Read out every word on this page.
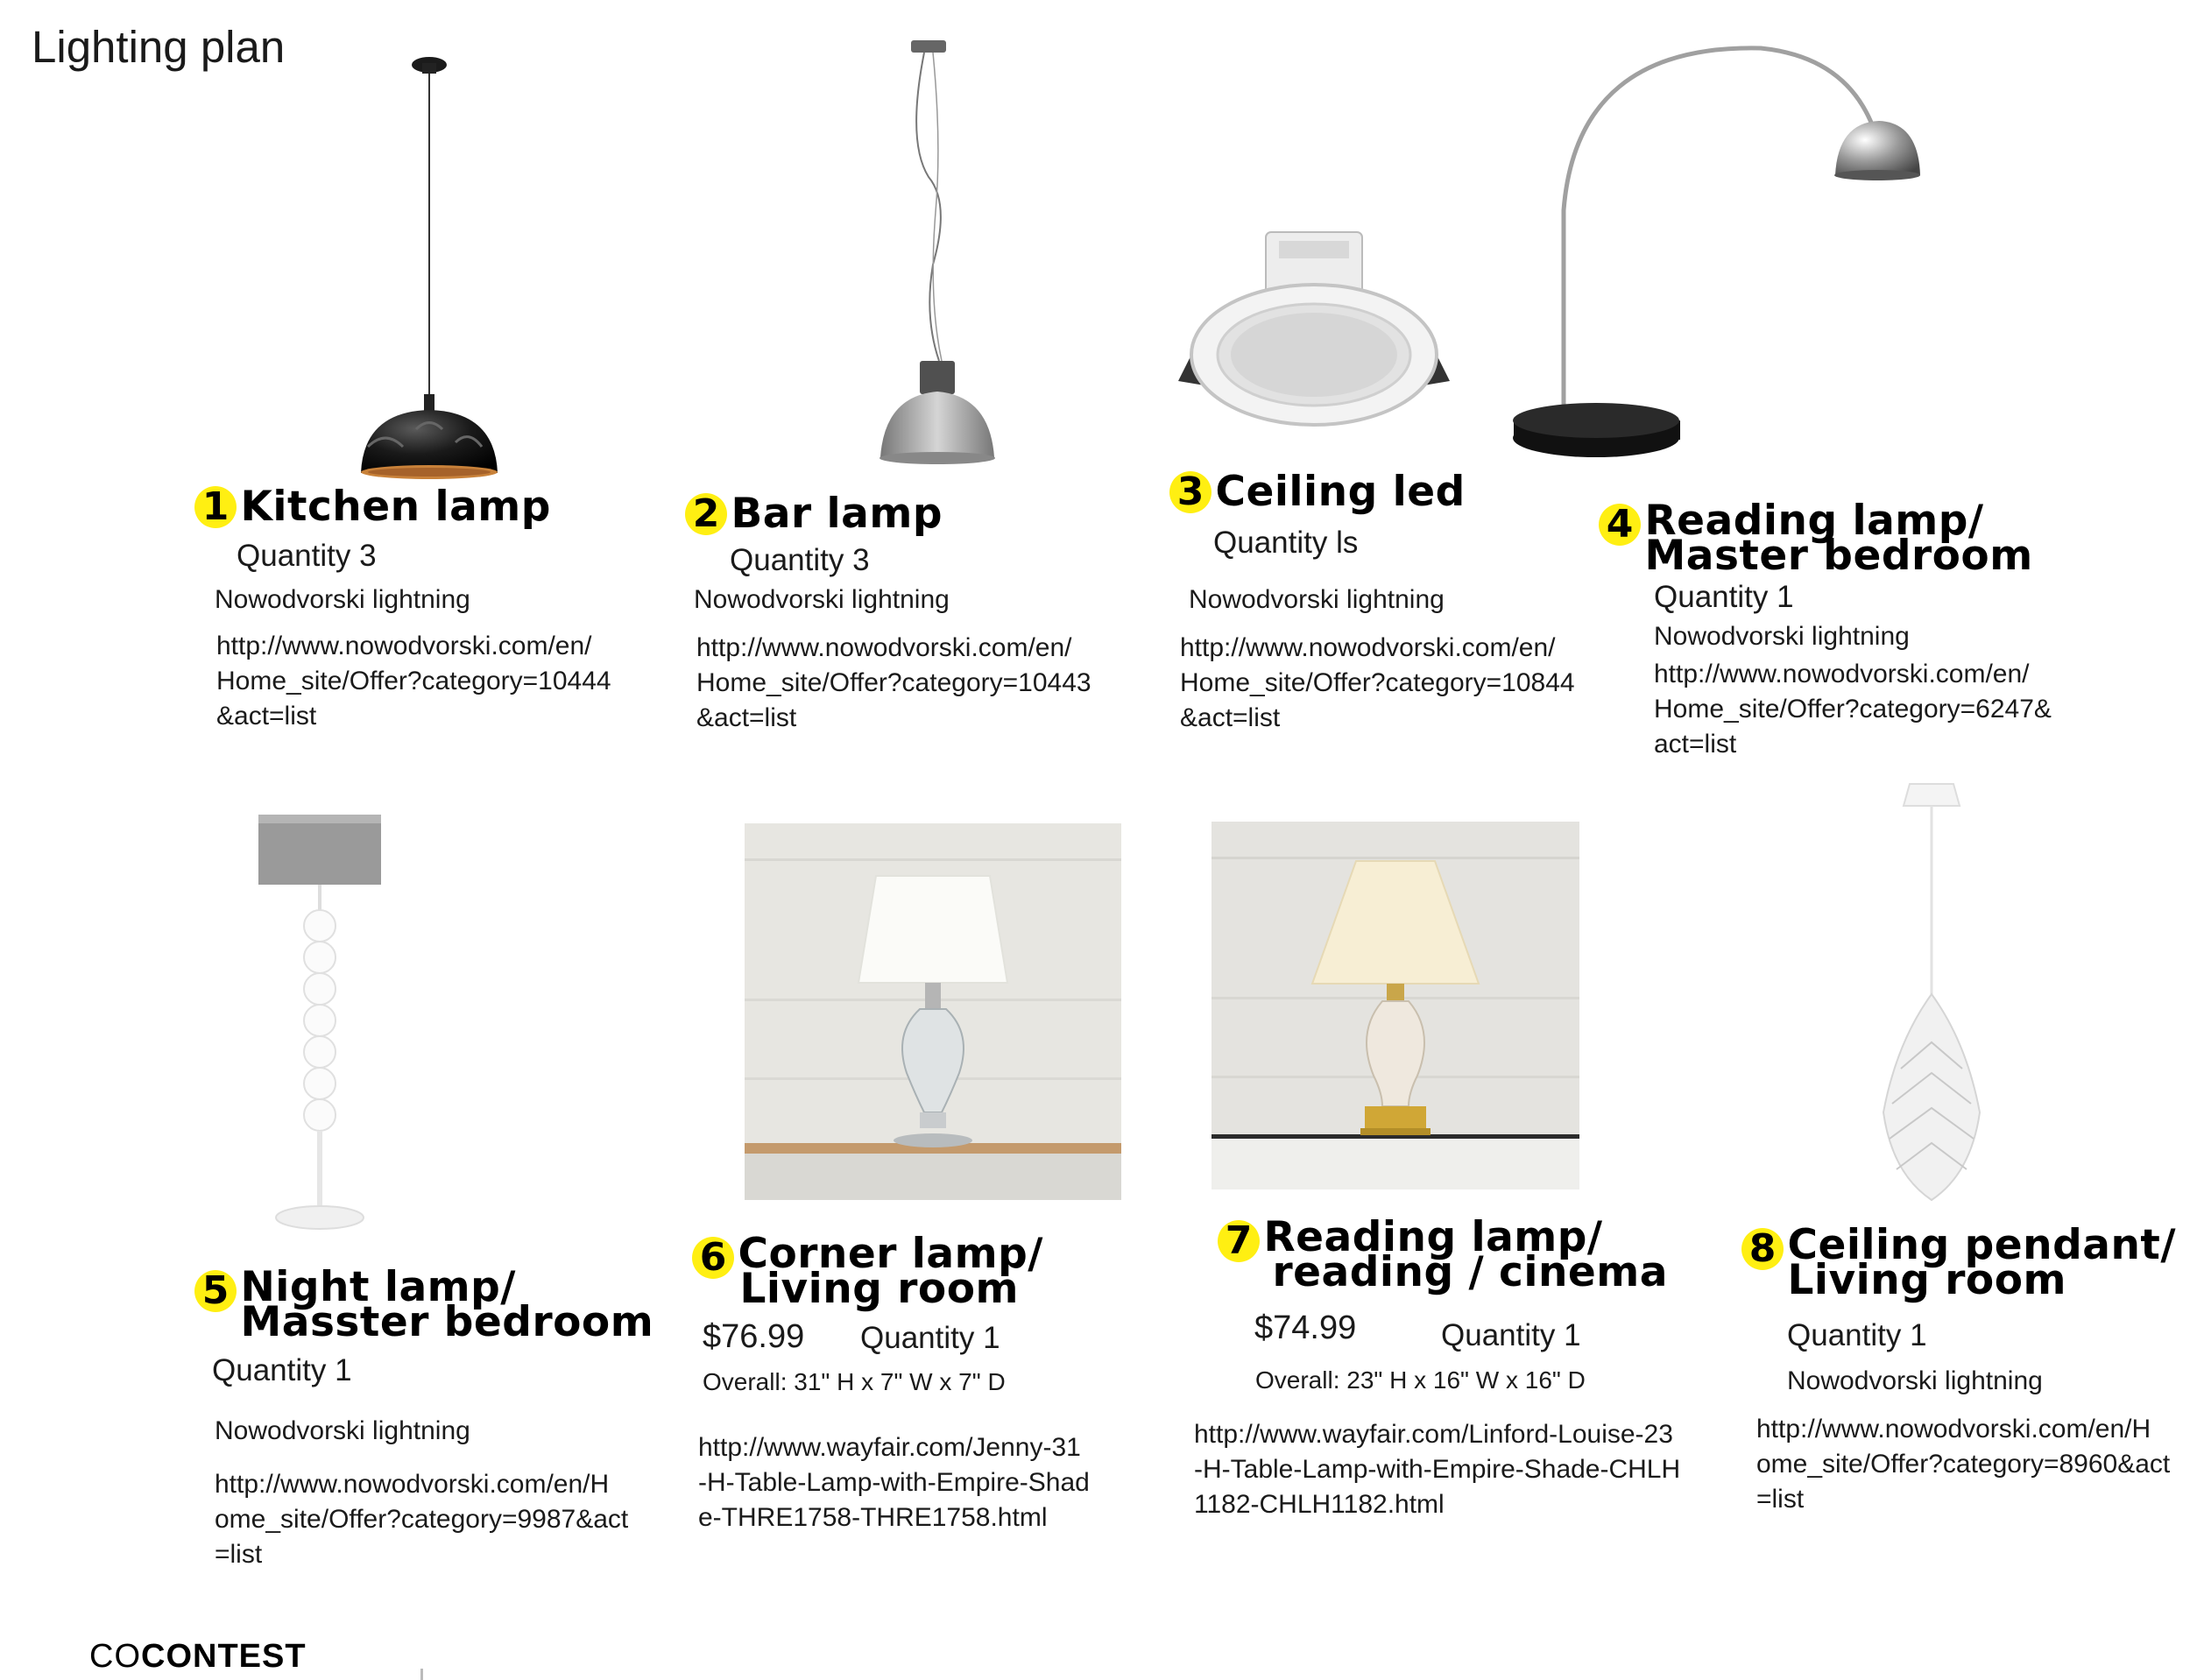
Lighting plan
1 Kitchen lamp
Quantity 3
Nowodvorski lightning
http://www.nowodvorski.com/en/
Home_site/Offer?category=10444
&act=list
2 Bar lamp
Quantity 3
Nowodvorski lightning
http://www.nowodvorski.com/en/
Home_site/Offer?category=10443
&act=list
3 Ceiling led
Quantity ls
Nowodvorski lightning
http://www.nowodvorski.com/en/
Home_site/Offer?category=10844
&act=list
4 Reading lamp/
Master bedroom
Quantity 1
Nowodvorski lightning
http://www.nowodvorski.com/en/
Home_site/Offer?category=6247&
act=list
5 Night lamp/
Masster bedroom
Quantity 1
Nowodvorski lightning
http://www.nowodvorski.com/en/H
ome_site/Offer?category=9987&act
=list
6 Corner lamp/
Living room
$76.99 Quantity 1
Overall: 31" H x 7" W x 7" D
http://www.wayfair.com/Jenny-31
-H-Table-Lamp-with-Empire-Shad
e-THRE1758-THRE1758.html
7 Reading lamp/
reading / cinema
$74.99	Quantity 1
Overall: 23" H x 16" W x 16" D
http://www.wayfair.com/Linford-Louise-23
-H-Table-Lamp-with-Empire-Shade-CHLH
1182-CHLH1182.html
8 Ceiling pendant/
Living room
Quantity 1
Nowodvorski lightning
http://www.nowodvorski.com/en/H
ome_site/Offer?category=8960&act
=list
COCONTEST
